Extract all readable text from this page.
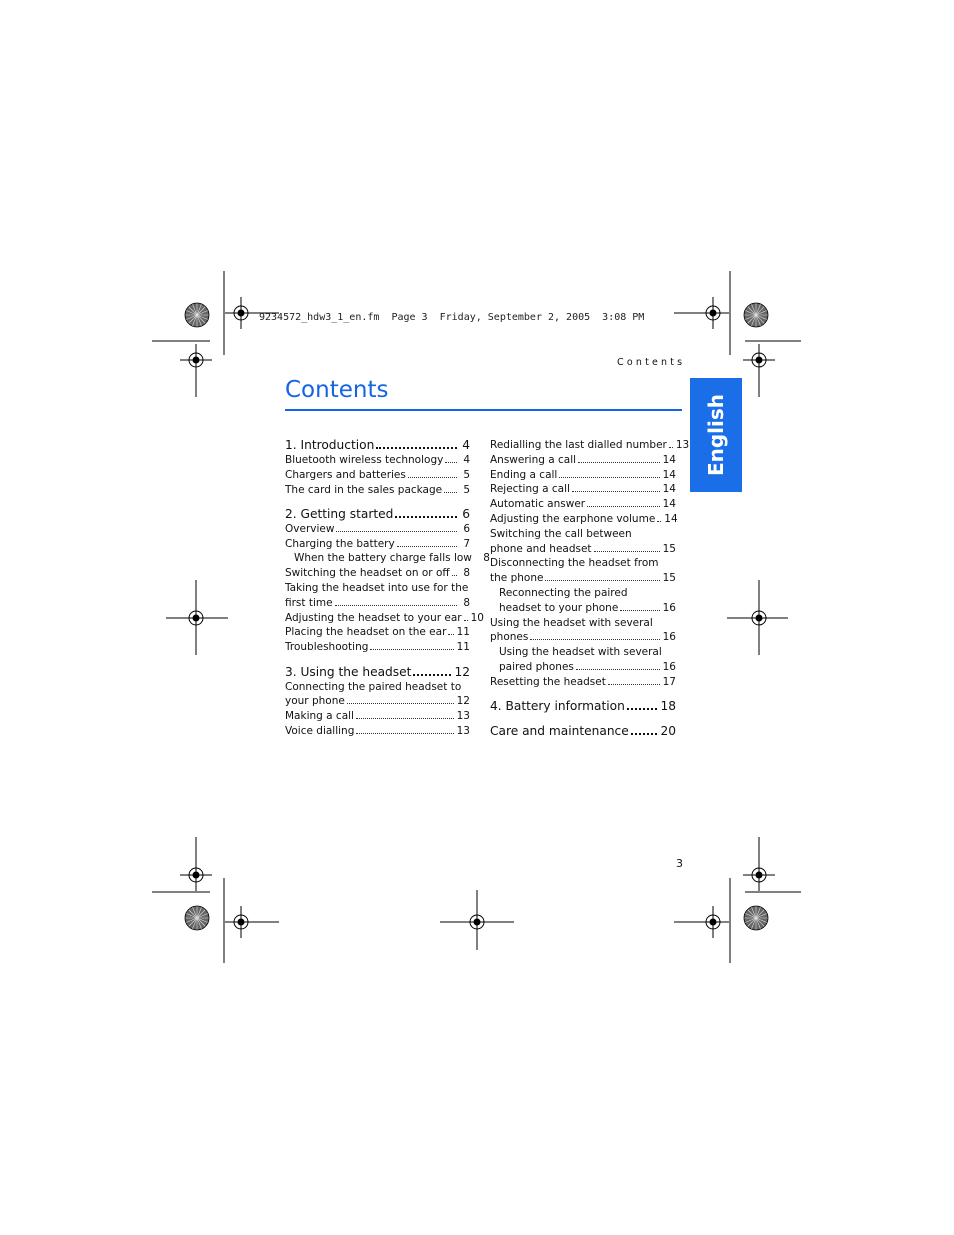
9234572_hdw3_1_en.fm  Page 3  Friday, September 2, 2005  3:08 PM
Contents
Contents
English
1. Introduction	4
Bluetooth wireless technology	4
Chargers and batteries	5
The card in the sales package	5
2. Getting started	6
Overview	6
Charging the battery	7
When the battery charge falls low	8
Switching the headset on or off	8
Taking the headset into use for the
first time	8
Adjusting the headset to your ear 10
Placing the headset on the ear 11
Troubleshooting	11
3. Using the headset	12
Connecting the paired headset to
your phone	12
Making a call	13
Voice dialling	13
Redialling the last dialled number 13
Answering a call	14
Ending a call	14
Rejecting a call	14
Automatic answer	14
Adjusting the earphone volume 14
Switching the call between
phone and headset	15
Disconnecting the headset from
the phone	15
Reconnecting the paired
headset to your phone	16
Using the headset with several
phones	16
Using the headset with several
paired phones	16
Resetting the headset	17
4. Battery information	18
Care and maintenance	20
3
